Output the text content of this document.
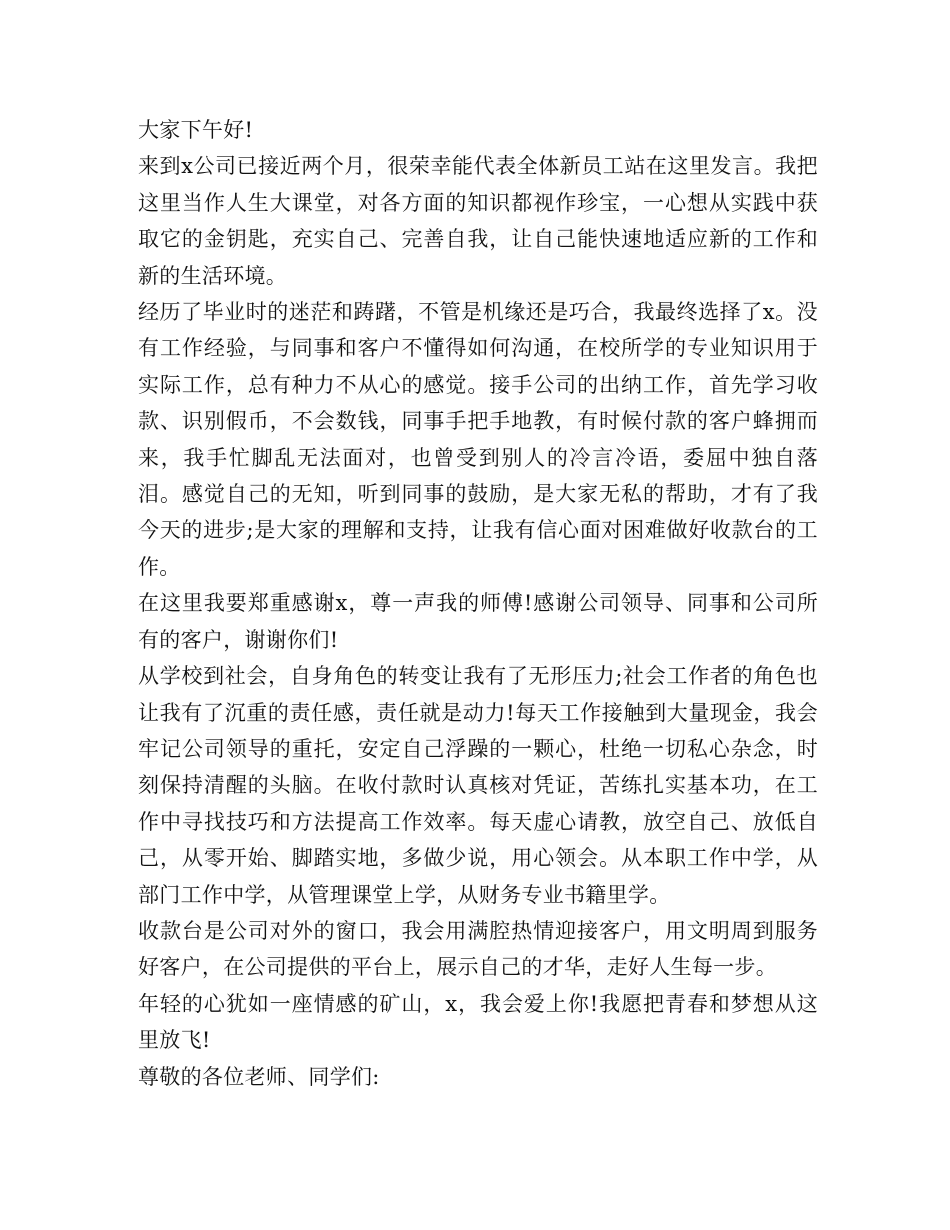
大家下午好!

来到x公司已接近两个月，很荣幸能代表全体新员工站在这里发言。我把这里当作人生大课堂，对各方面的知识都视作珍宝，一心想从实践中获取它的金钥匙，充实自己、完善自我，让自己能快速地适应新的工作和新的生活环境。

经历了毕业时的迷茫和踌躇，不管是机缘还是巧合，我最终选择了x。没有工作经验，与同事和客户不懂得如何沟通，在校所学的专业知识用于实际工作，总有种力不从心的感觉。接手公司的出纳工作，首先学习收款、识别假币，不会数钱，同事手把手地教，有时候付款的客户蜂拥而来，我手忙脚乱无法面对，也曾受到别人的冷言冷语，委屈中独自落泪。感觉自己的无知，听到同事的鼓励，是大家无私的帮助，才有了我今天的进步;是大家的理解和支持，让我有信心面对困难做好收款台的工作。

在这里我要郑重感谢x，尊一声我的师傅!感谢公司领导、同事和公司所有的客户，谢谢你们!

从学校到社会，自身角色的转变让我有了无形压力;社会工作者的角色也让我有了沉重的责任感，责任就是动力!每天工作接触到大量现金，我会牢记公司领导的重托，安定自己浮躁的一颗心，杜绝一切私心杂念，时刻保持清醒的头脑。在收付款时认真核对凭证，苦练扎实基本功，在工作中寻找技巧和方法提高工作效率。每天虚心请教，放空自己、放低自己，从零开始、脚踏实地，多做少说，用心领会。从本职工作中学，从部门工作中学，从管理课堂上学，从财务专业书籍里学。

收款台是公司对外的窗口，我会用满腔热情迎接客户，用文明周到服务好客户，在公司提供的平台上，展示自己的才华，走好人生每一步。

年轻的心犹如一座情感的矿山，x，我会爱上你!我愿把青春和梦想从这里放飞!

尊敬的各位老师、同学们:
